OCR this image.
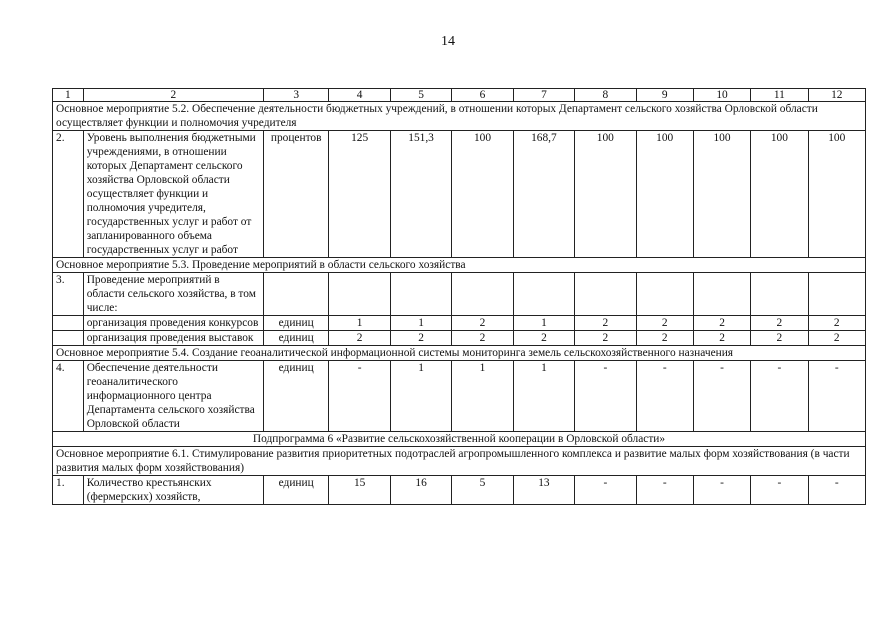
14
1	2	3	4	5	6	7	8	9	10	11	12
Основное мероприятие 5.2. Обеспечение деятельности бюджетных учреждений, в отношении которых Департамент сельского хозяйства Орловской области осуществляет функции и полномочия учредителя											
2.	Уровень выполнения бюджетными учреждениями, в отношении которых Департамент сельского хозяйства Орловской области осуществляет функции и полномочия учредителя, государственных услуг и работ от запланированного объема государственных услуг и работ	процентов	125	151,3	100	168,7	100	100	100	100	100
Основное мероприятие 5.3. Проведение мероприятий в области сельского хозяйства											
3.	Проведение мероприятий в области сельского хозяйства, в том числе:										
	организация проведения конкурсов	единиц	1	1	2	1	2	2	2	2	2
	организация проведения выставок	единиц	2	2	2	2	2	2	2	2	2
Основное мероприятие 5.4. Создание геоаналитической информационной системы мониторинга земель сельскохозяйственного назначения											
4.	Обеспечение деятельности геоаналитического информационного центра Департамента сельского хозяйства Орловской области	единиц	-	1	1	1	-	-	-	-	-
Подпрограмма 6 «Развитие сельскохозяйственной кооперации в Орловской области»											
Основное мероприятие 6.1. Стимулирование развития приоритетных подотраслей агропромышленного комплекса и развитие малых форм хозяйствования (в части развития малых форм хозяйствования)											
1.	Количество крестьянских (фермерских) хозяйств,	единиц	15	16	5	13	-	-	-	-	-
